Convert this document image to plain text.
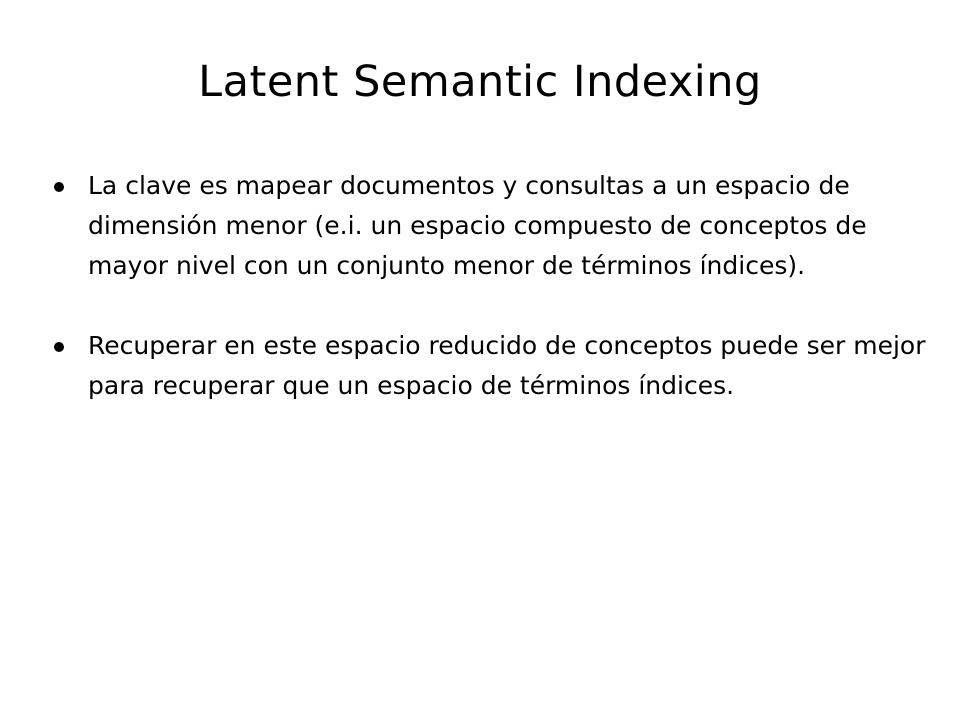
Latent Semantic Indexing
La clave es mapear documentos y consultas a un espacio de dimensión menor (e.i. un espacio compuesto de conceptos de mayor nivel con un conjunto menor de términos índices).
Recuperar en este espacio reducido de conceptos puede ser mejor para recuperar que un espacio de términos índices.
